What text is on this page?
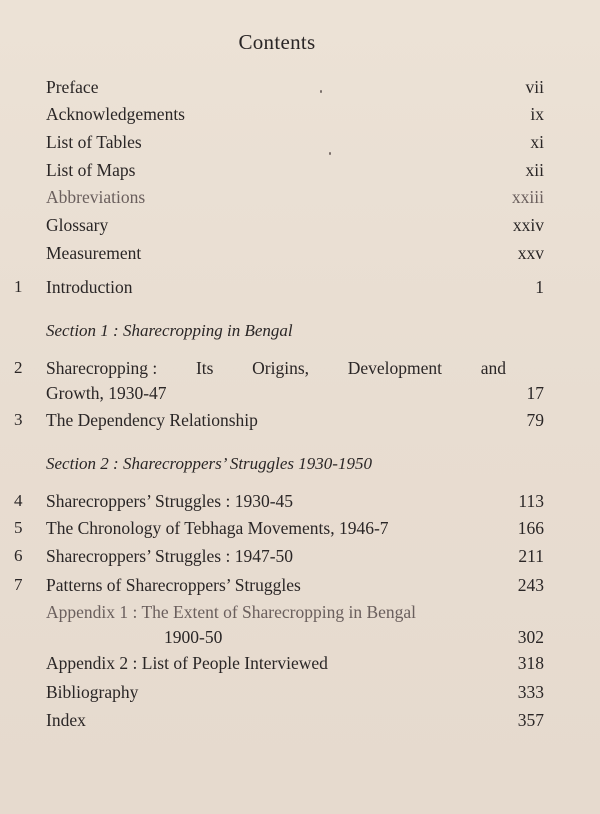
Contents
Preface	vii
Acknowledgements	ix
List of Tables	xi
List of Maps	xii
Abbreviations	xxiii
Glossary	xxiv
Measurement	xxv
1	Introduction	1
Section 1 : Sharecropping in Bengal
2	Sharecropping : Its Origins, Development and
Growth, 1930-47	17
3	The Dependency Relationship	79
Section 2 : Sharecroppers’ Struggles 1930-1950
4	Sharecroppers’ Struggles : 1930-45	113
5	The Chronology of Tebhaga Movements, 1946-7	166
6	Sharecroppers’ Struggles : 1947-50	211
7	Patterns of Sharecroppers’ Struggles	243
Appendix 1 : The Extent of Sharecropping in Bengal
1900-50	302
Appendix 2 : List of People Interviewed	318
Bibliography	333
Index	357
